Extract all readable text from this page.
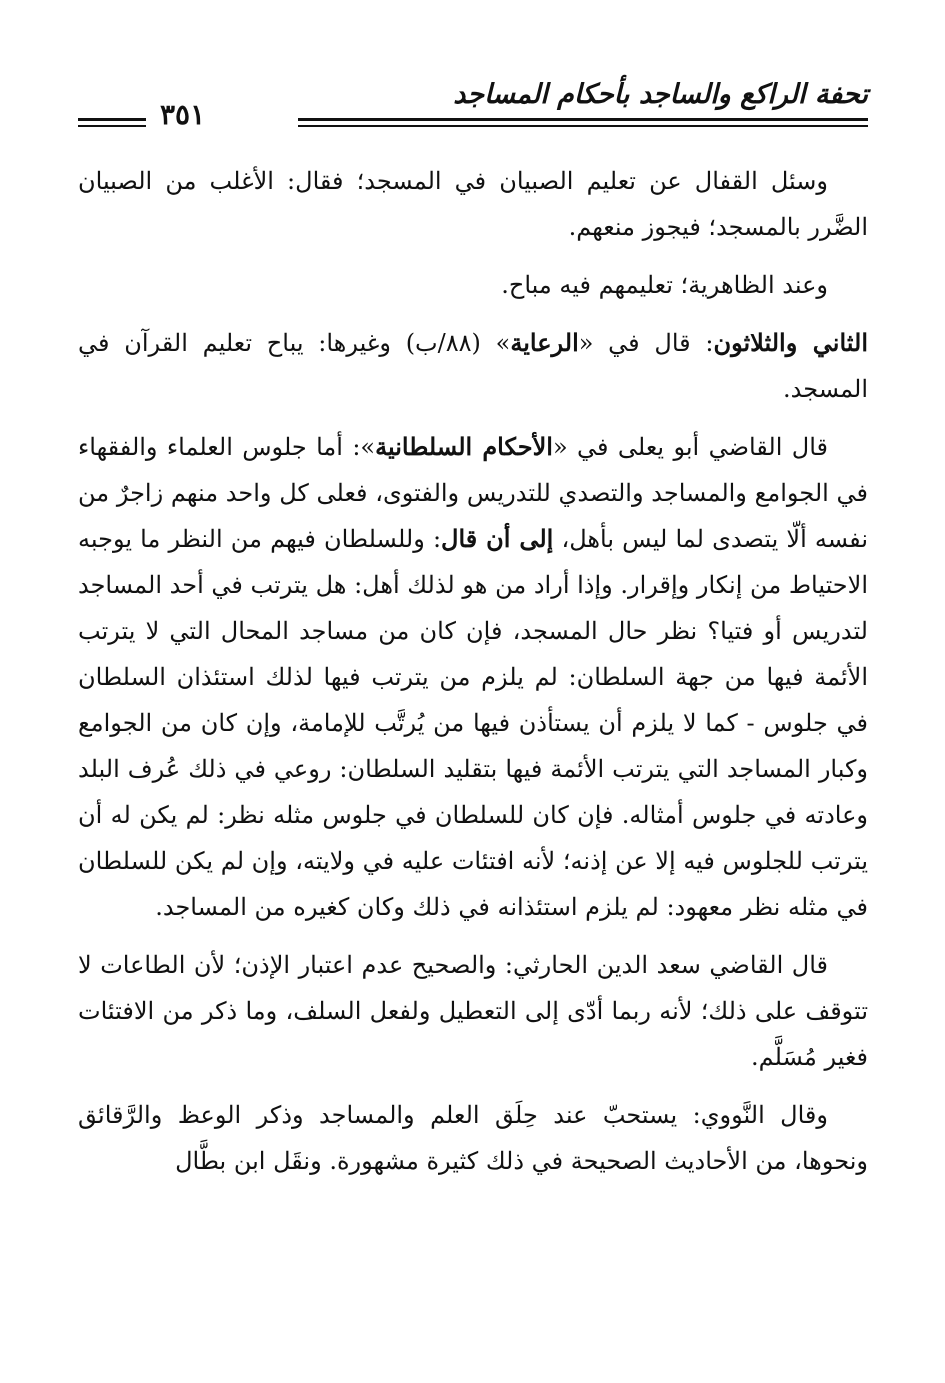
تحفة الراكع والساجد بأحكام المساجد
٣٥١

وسئل القفال عن تعليم الصبيان في المسجد؛ فقال: الأغلب من الصبيان الضَّرر بالمسجد؛ فيجوز منعهم.

وعند الظاهرية؛ تعليمهم فيه مباح.

الثاني والثلاثون: قال في «الرعاية» (٨٨/ب) وغيرها: يباح تعليم القرآن في المسجد.

قال القاضي أبو يعلى في «الأحكام السلطانية»: أما جلوس العلماء والفقهاء في الجوامع والمساجد والتصدي للتدريس والفتوى، فعلى كل واحد منهم زاجرٌ من نفسه ألّا يتصدى لما ليس بأهل، إلى أن قال: وللسلطان فيهم من النظر ما يوجبه الاحتياط من إنكار وإقرار. وإذا أراد من هو لذلك أهل: هل يترتب في أحد المساجد لتدريس أو فتيا؟ نظر حال المسجد، فإن كان من مساجد المحال التي لا يترتب الأئمة فيها من جهة السلطان: لم يلزم من يترتب فيها لذلك استئذان السلطان في جلوس - كما لا يلزم أن يستأذن فيها من يُرتَّب للإمامة، وإن كان من الجوامع وكبار المساجد التي يترتب الأئمة فيها بتقليد السلطان: روعي في ذلك عُرف البلد وعادته في جلوس أمثاله. فإن كان للسلطان في جلوس مثله نظر: لم يكن له أن يترتب للجلوس فيه إلا عن إذنه؛ لأنه افتئات عليه في ولايته، وإن لم يكن للسلطان في مثله نظر معهود: لم يلزم استئذانه في ذلك وكان كغيره من المساجد.

قال القاضي سعد الدين الحارثي: والصحيح عدم اعتبار الإذن؛ لأن الطاعات لا تتوقف على ذلك؛ لأنه ربما أدّى إلى التعطيل ولفعل السلف، وما ذكر من الافتئات فغير مُسَلَّم.

وقال النَّووي: يستحبّ عند حِلَق العلم والمساجد وذكر الوعظ والرَّقائق ونحوها، من الأحاديث الصحيحة في ذلك كثيرة مشهورة. ونقَل ابن بطَّال
